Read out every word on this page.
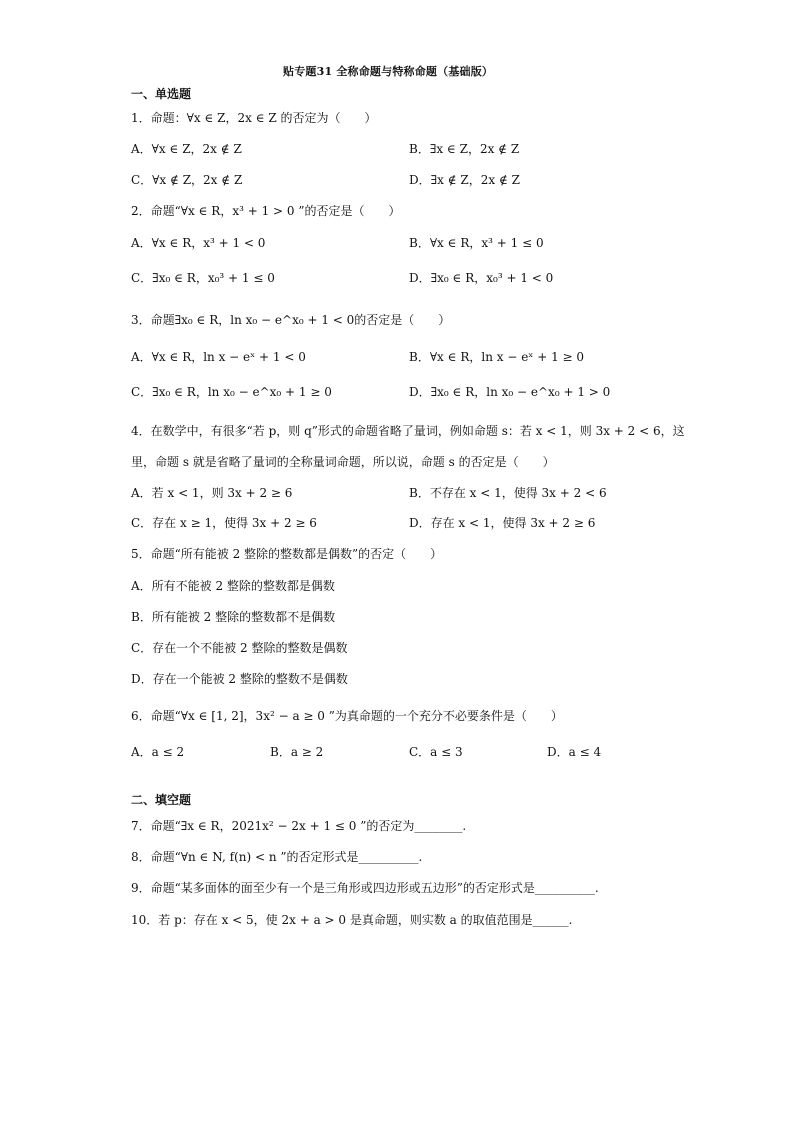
贴专题31 全称命题与特称命题（基础版）
一、单选题
1．命题：∀x ∈ Z，2x ∈ Z 的否定为（　　）
A．∀x ∈ Z，2x ∉ Z	B．∃x ∈ Z，2x ∉ Z
C．∀x ∉ Z，2x ∉ Z	D．∃x ∉ Z，2x ∉ Z
2．命题“∀x ∈ R，x³ + 1 > 0 ”的否定是（　　）
A．∀x ∈ R，x³ + 1 < 0	B．∀x ∈ R，x³ + 1 ≤ 0
C．∃x₀ ∈ R，x₀³ + 1 ≤ 0	D．∃x₀ ∈ R，x₀³ + 1 < 0
3．命题∃x₀ ∈ R，ln x₀ − e^x₀ + 1 < 0的否定是（　　）
A．∀x ∈ R，ln x − eˣ + 1 < 0	B．∀x ∈ R，ln x − eˣ + 1 ≥ 0
C．∃x₀ ∈ R，ln x₀ − e^x₀ + 1 ≥ 0	D．∃x₀ ∈ R，ln x₀ − e^x₀ + 1 > 0
4．在数学中，有很多“若 p，则 q”形式的命题省略了量词，例如命题 s：若 x < 1，则 3x + 2 < 6，这
里，命题 s 就是省略了量词的全称量词命题，所以说，命题 s 的否定是（　　）
A．若 x < 1，则 3x + 2 ≥ 6	B．不存在 x < 1，使得 3x + 2 < 6
C．存在 x ≥ 1，使得 3x + 2 ≥ 6	D．存在 x < 1，使得 3x + 2 ≥ 6
5．命题“所有能被 2 整除的整数都是偶数”的否定（　　）
A．所有不能被 2 整除的整数都是偶数
B．所有能被 2 整除的整数都不是偶数
C．存在一个不能被 2 整除的整数是偶数
D．存在一个能被 2 整除的整数不是偶数
6．命题“∀x ∈ [1, 2]，3x² − a ≥ 0 ”为真命题的一个充分不必要条件是（　　）
A．a ≤ 2	B．a ≥ 2	C．a ≤ 3	D．a ≤ 4
二、填空题
7．命题“∃x ∈ R，2021x² − 2x + 1 ≤ 0 ”的否定为________.
8．命题“∀n ∈ N, f(n) < n ”的否定形式是__________.
9．命题“某多面体的面至少有一个是三角形或四边形或五边形”的否定形式是__________.
10．若 p：存在 x < 5，使 2x + a > 0 是真命题，则实数 a 的取值范围是______.
